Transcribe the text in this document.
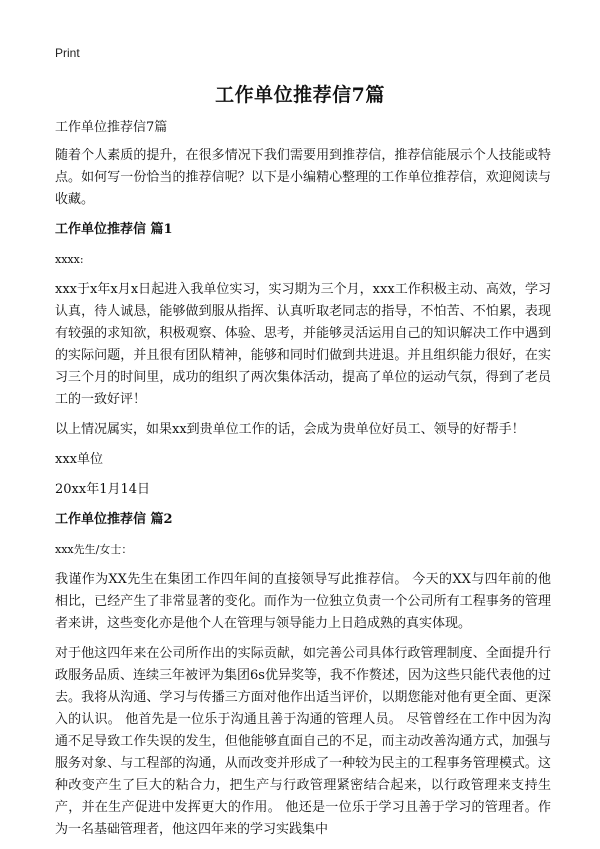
Print
工作单位推荐信7篇

工作单位推荐信7篇

随着个人素质的提升，在很多情况下我们需要用到推荐信，推荐信能展示个人技能或特点。如何写一份恰当的推荐信呢？以下是小编精心整理的工作单位推荐信，欢迎阅读与收藏。

工作单位推荐信 篇1

xxxx:

xxx于x年x月x日起进入我单位实习，实习期为三个月，xxx工作积极主动、高效，学习认真，待人诚恳，能够做到服从指挥、认真听取老同志的指导，不怕苦、不怕累，表现有较强的求知欲，积极观察、体验、思考，并能够灵活运用自己的知识解决工作中遇到的实际问题，并且很有团队精神，能够和同时们做到共进退。并且组织能力很好，在实习三个月的时间里，成功的组织了两次集体活动，提高了单位的运动气氛，得到了老员工的一致好评！

以上情况属实，如果xx到贵单位工作的话，会成为贵单位好员工、领导的好帮手！

xxx单位

20xx年1月14日

工作单位推荐信 篇2

xxx先生/女士：

我谨作为XX先生在集团工作四年间的直接领导写此推荐信。 今天的XX与四年前的他相比，已经产生了非常显著的变化。而作为一位独立负责一个公司所有工程事务的管理者来讲，这些变化亦是他个人在管理与领导能力上日趋成熟的真实体现。

对于他这四年来在公司所作出的实际贡献，如完善公司具体行政管理制度、全面提升行政服务品质、连续三年被评为集团6s优异奖等，我不作赘述，因为这些只能代表他的过去。我将从沟通、学习与传播三方面对他作出适当评价，以期您能对他有更全面、更深入的认识。 他首先是一位乐于沟通且善于沟通的管理人员。 尽管曾经在工作中因为沟通不足导致工作失误的发生，但他能够直面自己的不足，而主动改善沟通方式，加强与服务对象、与工程部的沟通，从而改变并形成了一种较为民主的工程事务管理模式。这种改变产生了巨大的粘合力，把生产与行政管理紧密结合起来，以行政管理来支持生产，并在生产促进中发挥更大的作用。 他还是一位乐于学习且善于学习的管理者。作为一名基础管理者，他这四年来的学习实践集中
